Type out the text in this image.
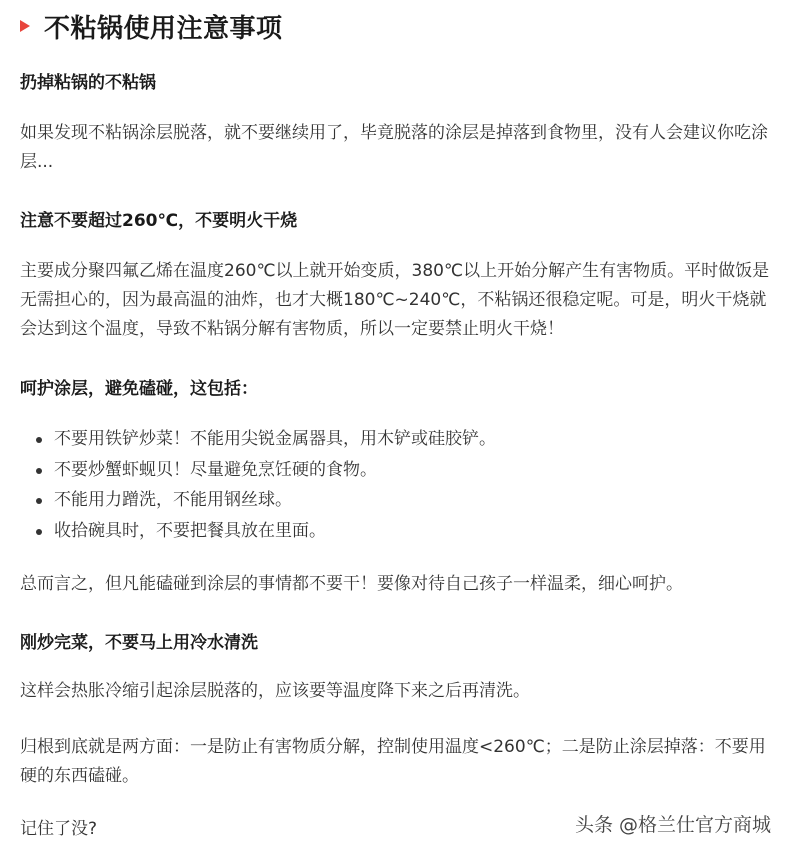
不粘锅使用注意事项
扔掉粘锅的不粘锅
如果发现不粘锅涂层脱落，就不要继续用了，毕竟脱落的涂层是掉落到食物里，没有人会建议你吃涂层...
注意不要超过260℃，不要明火干烧
主要成分聚四氟乙烯在温度260℃以上就开始变质，380℃以上开始分解产生有害物质。平时做饭是无需担心的，因为最高温的油炸，也才大概180℃~240℃，不粘锅还很稳定呢。可是，明火干烧就会达到这个温度，导致不粘锅分解有害物质，所以一定要禁止明火干烧！
呵护涂层，避免磕碰，这包括：
不要用铁铲炒菜！不能用尖锐金属器具，用木铲或硅胶铲。
不要炒蟹虾蚬贝！尽量避免烹饪硬的食物。
不能用力蹭洗，不能用钢丝球。
收拾碗具时，不要把餐具放在里面。
总而言之，但凡能磕碰到涂层的事情都不要干！要像对待自己孩子一样温柔，细心呵护。
刚炒完菜，不要马上用冷水清洗
这样会热胀冷缩引起涂层脱落的，应该要等温度降下来之后再清洗。
归根到底就是两方面：一是防止有害物质分解，控制使用温度<260℃；二是防止涂层掉落：不要用硬的东西磕碰。
记住了没?	头条 @格兰仕官方商城
